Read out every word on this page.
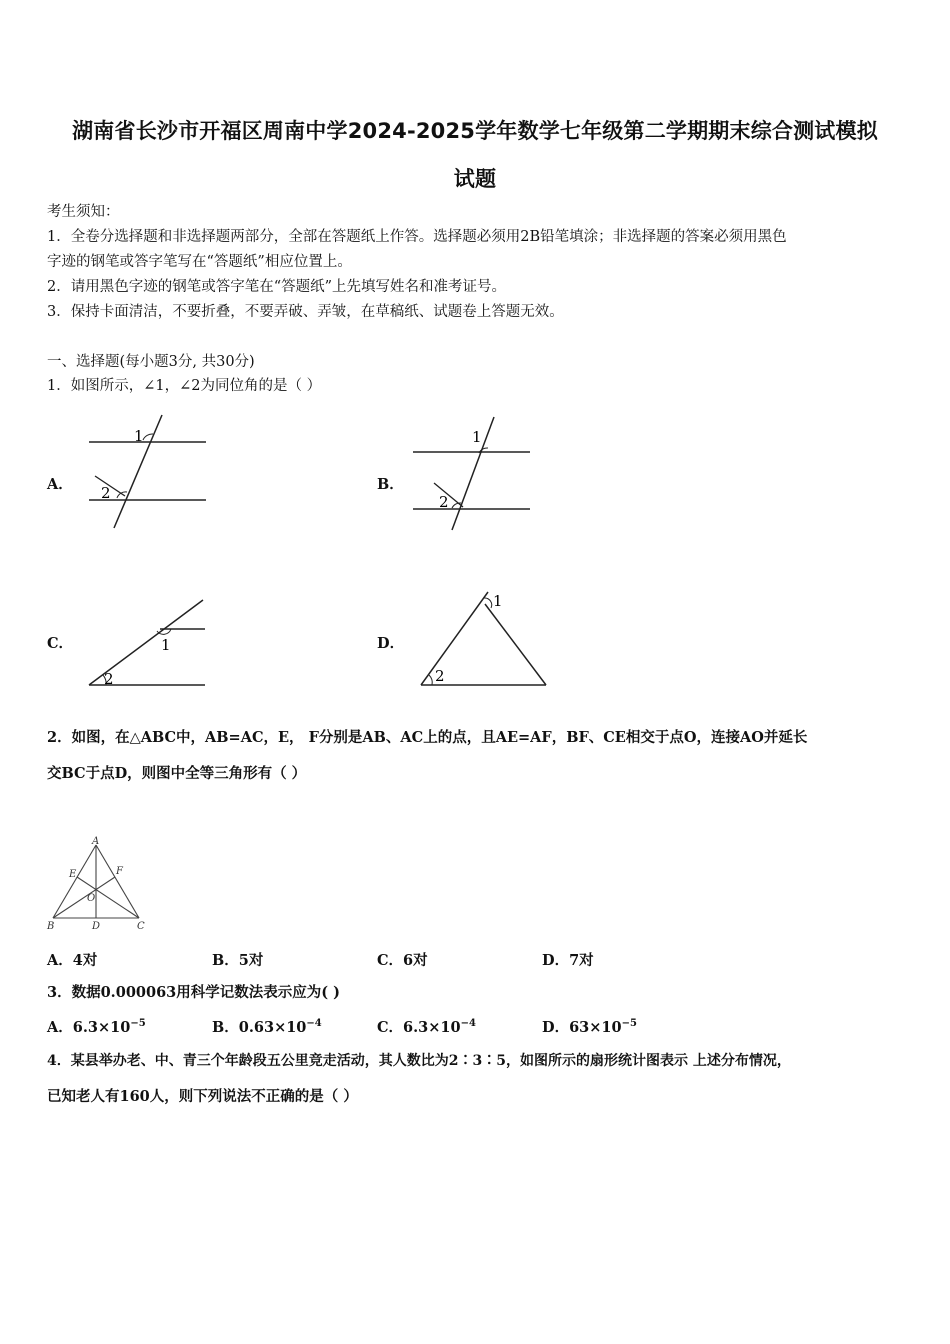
湖南省长沙市开福区周南中学2024-2025学年数学七年级第二学期期末综合测试模拟
试题
考生须知：
1．全卷分选择题和非选择题两部分，全部在答题纸上作答。选择题必须用2B铅笔填涂；非选择题的答案必须用黑色
字迹的钢笔或答字笔写在“答题纸”相应位置上。
2．请用黑色字迹的钢笔或答字笔在“答题纸”上先填写姓名和准考证号。
3．保持卡面清洁，不要折叠，不要弄破、弄皱，在草稿纸、试题卷上答题无效。
一、选择题(每小题3分, 共30分)
1．如图所示，∠1，∠2为同位角的是（ ）
A．
1
2	B．
1
2
C．	1
2
D．
1
2
2．如图，在△ABC中，AB=AC，E， F分别是AB、AC上的点，且AE=AF，BF、CE相交于点O，连接AO并延长
交BC于点D，则图中全等三角形有（ ）
A
B	C
D
E	F
O
A．4对	B．5对	C．6对	D．7对
3．数据0.000063用科学记数法表示应为( )
A．$6.3\times 10^{-5}$	B．$0.63\times 10^{-4}$	C．$6.3\times 10^{-4}$	D．$63\times 10^{-5}$
4．某县举办老、中、青三个年龄段五公里竞走活动，其人数比为2∶3∶5，如图所示的扇形统计图表示 上述分布情况，
已知老人有160人，则下列说法不正确的是（ ）
